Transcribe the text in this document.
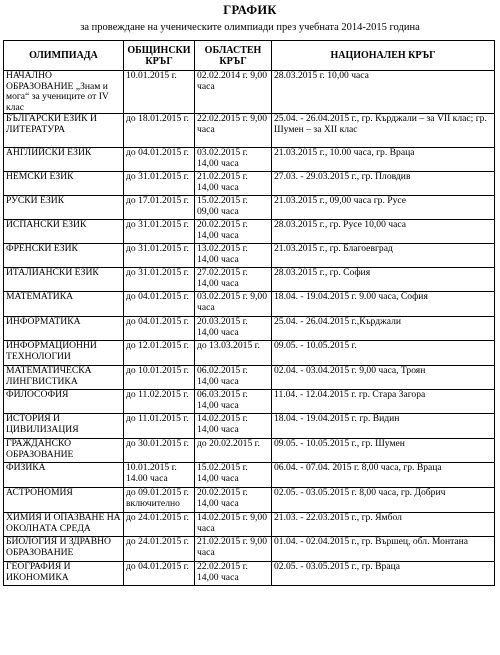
ГРАФИК
за провеждане на ученическите олимпиади през учебната 2014-2015 година
ОЛИМПИАДА	ОБЩИНСКИ КРЪГ	ОБЛАСТЕН КРЪГ	НАЦИОНАЛЕН КРЪГ
НАЧАЛНО ОБРАЗОВАНИЕ „Знам и мога“ за учениците от IV клас	10.01.2015 г.	02.02.2014 г. 9,00 часа	28.03.2015 г. 10,00 часа
БЪЛГАРСКИ ЕЗИК И ЛИТЕРАТУРА	до 18.01.2015 г.	22.02.2015 г. 9,00 часа	25.04. - 26.04.2015 г., гр. Кърджали – за VII клас; гр. Шумен – за XII клас
АНГЛИЙСКИ ЕЗИК	до 04.01.2015 г.	03.02.2015 г. 14,00 часа	21.03.2015 г., 10.00 часа, гр. Враца
НЕМСКИ ЕЗИК	до 31.01.2015 г.	21.02.2015 г. 14,00 часа	27.03. - 29.03.2015 г., гр. Пловдив
РУСКИ ЕЗИК	до 17.01.2015 г.	15.02.2015 г. 09,00 часа	21.03.2015 г., 09,00 часа гр. Русе
ИСПАНСКИ ЕЗИК	до 31.01.2015 г.	20.02.2015 г. 14,00 часа	28.03.2015 г., гр. Русе 10,00 часа
ФРЕНСКИ ЕЗИК	до 31.01.2015 г.	13.02.2015 г. 14,00 часа	21.03.2015 г., гр. Благоевград
ИТАЛИАНСКИ ЕЗИК	до 31.01.2015 г.	27.02.2015 г. 14,00 часа	28.03.2015 г., гр. София
МАТЕМАТИКА	до 04.01.2015 г.	03.02.2015 г. 9,00 часа	18.04. - 19.04.2015 г. 9.00 часа, София
ИНФОРМАТИКА	до 04.01.2015 г.	20.03.2015 г. 14,00 часа	25.04. - 26.04.2015 г.,Кърджали
ИНФОРМАЦИОННИ ТЕХНОЛОГИИ	до 12.01.2015 г.	до 13.03.2015 г.	09.05. - 10.05.2015 г.
МАТЕМАТИЧЕСКА ЛИНГВИСТИКА	до 10.01.2015 г.	06.02.2015 г. 14,00 часа	02.04. - 03.04.2015 г. 9,00 часа, Троян
ФИЛОСОФИЯ	до 11.02.2015 г.	06.03.2015 г. 14,00 часа	11.04. - 12.04.2015 г. гр. Стара Загора
ИСТОРИЯ И ЦИВИЛИЗАЦИЯ	до 11.01.2015 г.	14.02.2015 г. 14,00 часа	18.04. - 19.04.2015 г. гр. Видин
ГРАЖДАНСКО ОБРАЗОВАНИЕ	до 30.01.2015 г.	до 20.02.2015 г.	09.05. - 10.05.2015 г., гр. Шумен
ФИЗИКА	10.01.2015 г. 14.00 часа	15.02.2015 г. 14,00 часа	06.04. - 07.04. 2015 г. 8,00 часа, гр. Враца
АСТРОНОМИЯ	до 09.01.2015 г. включително	20.02.2015 г. 14,00 часа	02.05. - 03.05.2015 г. 8,00 часа, гр. Добрич
ХИМИЯ И ОПАЗВАНЕ НА ОКОЛНАТА СРЕДА	до 24.01.2015 г.	14.02.2015 г. 9,00 часа	21.03. - 22.03.2015 г., гр. Ямбол
БИОЛОГИЯ И ЗДРАВНО ОБРАЗОВАНИЕ	до 24.01.2015 г.	21.02.2015 г. 9,00 часа	01.04. - 02.04.2015 г., гр. Вършец, обл. Монтана
ГЕОГРАФИЯ И ИКОНОМИКА	до 04.01.2015 г.	22.02.2015 г. 14,00 часа	02.05. - 03.05.2015 г., гр. Враца
